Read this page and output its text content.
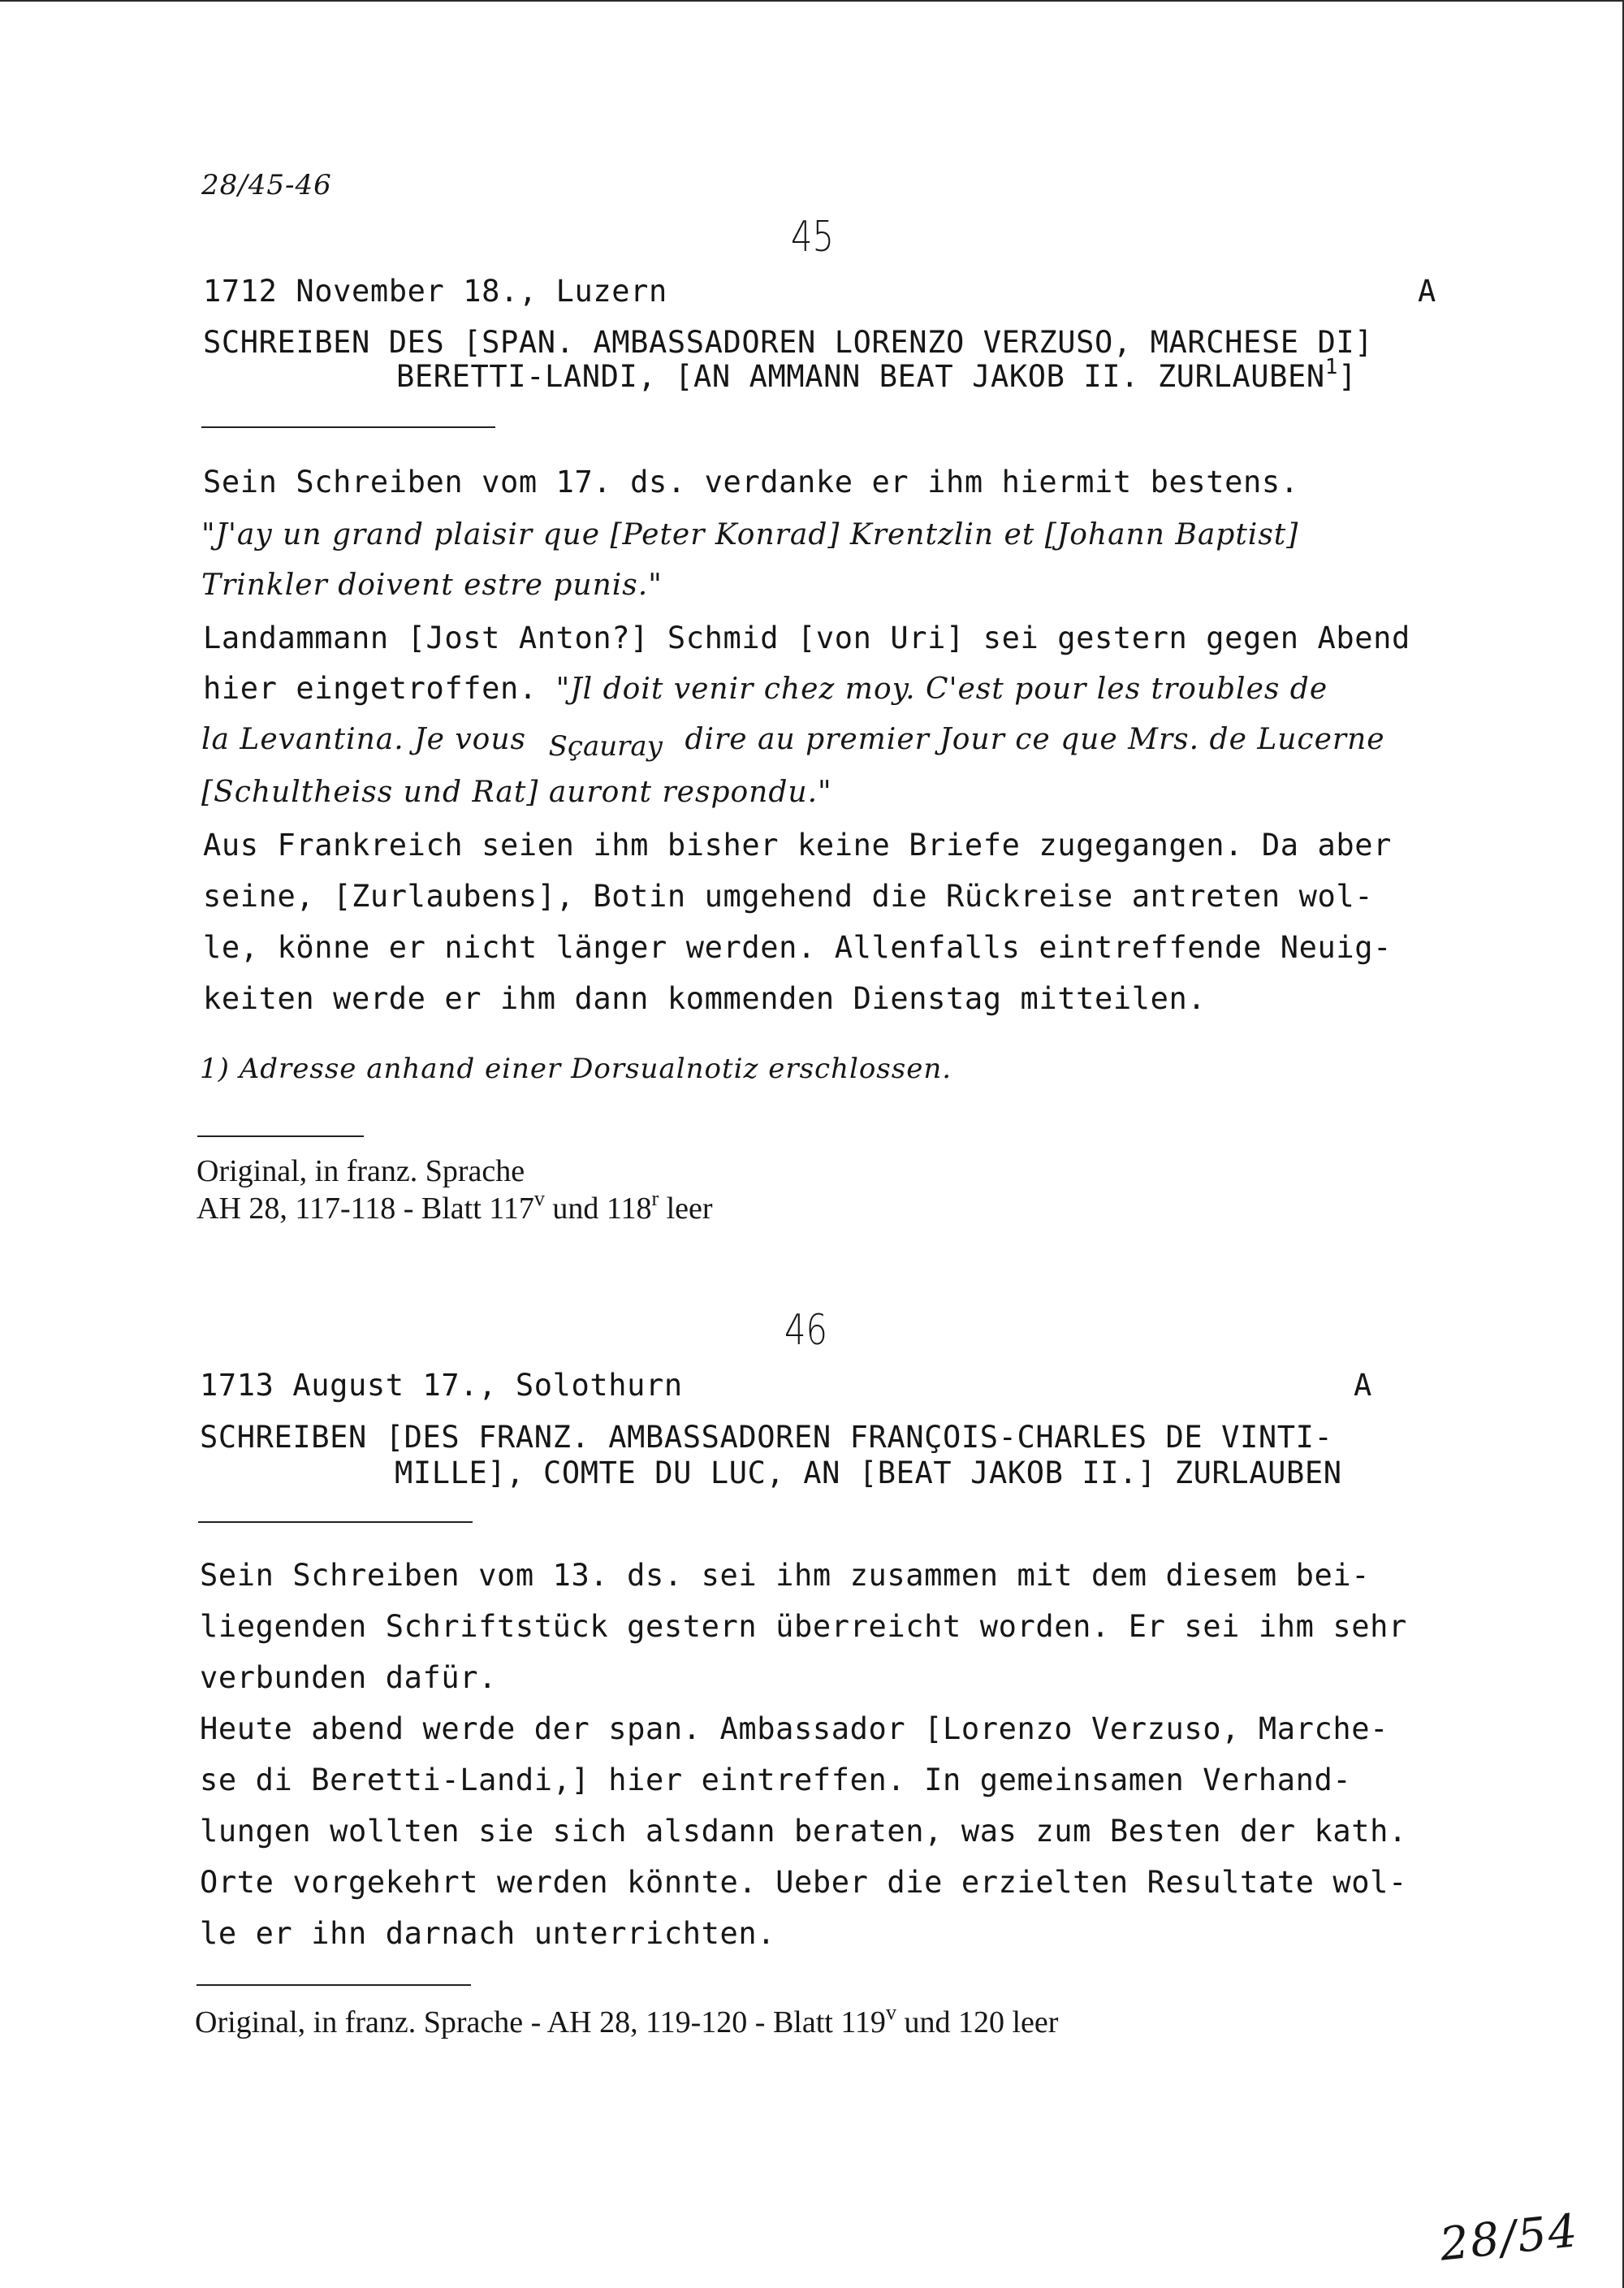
28/45-46
45
1712 November 18., Luzern	A
SCHREIBEN DES [SPAN. AMBASSADOREN LORENZO VERZUSO, MARCHESE DI]
BERETTI-LANDI, [AN AMMANN BEAT JAKOB II. ZURLAUBEN$^1$]
Sein Schreiben vom 17. ds. verdanke er ihm hiermit bestens.
"J'ay un grand plaisir que [Peter Konrad] Krentzlin et [Johann Baptist]
Trinkler doivent estre punis."
Landammann [Jost Anton?] Schmid [von Uri] sei gestern gegen Abend
hier eingetroffen. "Jl doit venir chez moy. C'est pour les troubles de
la Levantina. Je vous Sçauray dire au premier Jour ce que Mrs. de Lucerne
[Schultheiss und Rat] auront respondu."
Aus Frankreich seien ihm bisher keine Briefe zugegangen. Da aber
seine, [Zurlaubens], Botin umgehend die Rückreise antreten wol-
le, könne er nicht länger werden. Allenfalls eintreffende Neuig-
keiten werde er ihm dann kommenden Dienstag mitteilen.
1) Adresse anhand einer Dorsualnotiz erschlossen.
Original, in franz. Sprache
AH 28, 117-118 - Blatt 117$^v$ und 118$^r$ leer
46
1713 August 17., Solothurn	A
SCHREIBEN [DES FRANZ. AMBASSADOREN FRANÇOIS-CHARLES DE VINTI-
MILLE], COMTE DU LUC, AN [BEAT JAKOB II.] ZURLAUBEN
Sein Schreiben vom 13. ds. sei ihm zusammen mit dem diesem bei-
liegenden Schriftstück gestern überreicht worden. Er sei ihm sehr
verbunden dafür.
Heute abend werde der span. Ambassador [Lorenzo Verzuso, Marche-
se di Beretti-Landi,] hier eintreffen. In gemeinsamen Verhand-
lungen wollten sie sich alsdann beraten, was zum Besten der kath.
Orte vorgekehrt werden könnte. Ueber die erzielten Resultate wol-
le er ihn darnach unterrichten.
Original, in franz. Sprache - AH 28, 119-120 - Blatt 119$^v$ und 120 leer
28/54
